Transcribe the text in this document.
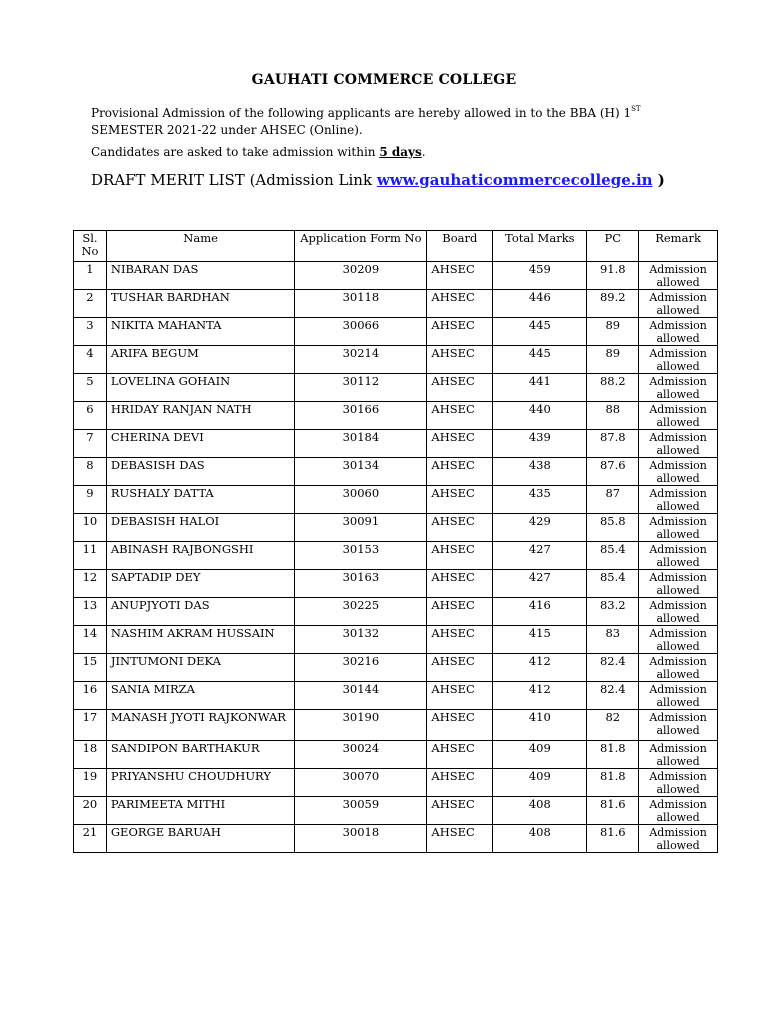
GAUHATI COMMERCE COLLEGE
Provisional Admission of the following applicants are hereby allowed in to the BBA (H) 1ST
SEMESTER 2021-22 under AHSEC (Online).
Candidates are asked to take admission within 5 days.
DRAFT MERIT LIST (Admission Link www.gauhaticommercecollege.in )
Sl. No	Name	Application Form No	Board	Total Marks	PC	Remark
1	NIBARAN DAS	30209	AHSEC	459	91.8	Admission allowed
2	TUSHAR BARDHAN	30118	AHSEC	446	89.2	Admission allowed
3	NIKITA MAHANTA	30066	AHSEC	445	89	Admission allowed
4	ARIFA BEGUM	30214	AHSEC	445	89	Admission allowed
5	LOVELINA GOHAIN	30112	AHSEC	441	88.2	Admission allowed
6	HRIDAY RANJAN NATH	30166	AHSEC	440	88	Admission allowed
7	CHERINA DEVI	30184	AHSEC	439	87.8	Admission allowed
8	DEBASISH DAS	30134	AHSEC	438	87.6	Admission allowed
9	RUSHALY DATTA	30060	AHSEC	435	87	Admission allowed
10	DEBASISH HALOI	30091	AHSEC	429	85.8	Admission allowed
11	ABINASH RAJBONGSHI	30153	AHSEC	427	85.4	Admission allowed
12	SAPTADIP DEY	30163	AHSEC	427	85.4	Admission allowed
13	ANUPJYOTI DAS	30225	AHSEC	416	83.2	Admission allowed
14	NASHIM AKRAM HUSSAIN	30132	AHSEC	415	83	Admission allowed
15	JINTUMONI DEKA	30216	AHSEC	412	82.4	Admission allowed
16	SANIA MIRZA	30144	AHSEC	412	82.4	Admission allowed
17	MANASH JYOTI RAJKONWAR	30190	AHSEC	410	82	Admission allowed
18	SANDIPON BARTHAKUR	30024	AHSEC	409	81.8	Admission allowed
19	PRIYANSHU CHOUDHURY	30070	AHSEC	409	81.8	Admission allowed
20	PARIMEETA MITHI	30059	AHSEC	408	81.6	Admission allowed
21	GEORGE BARUAH	30018	AHSEC	408	81.6	Admission allowed
